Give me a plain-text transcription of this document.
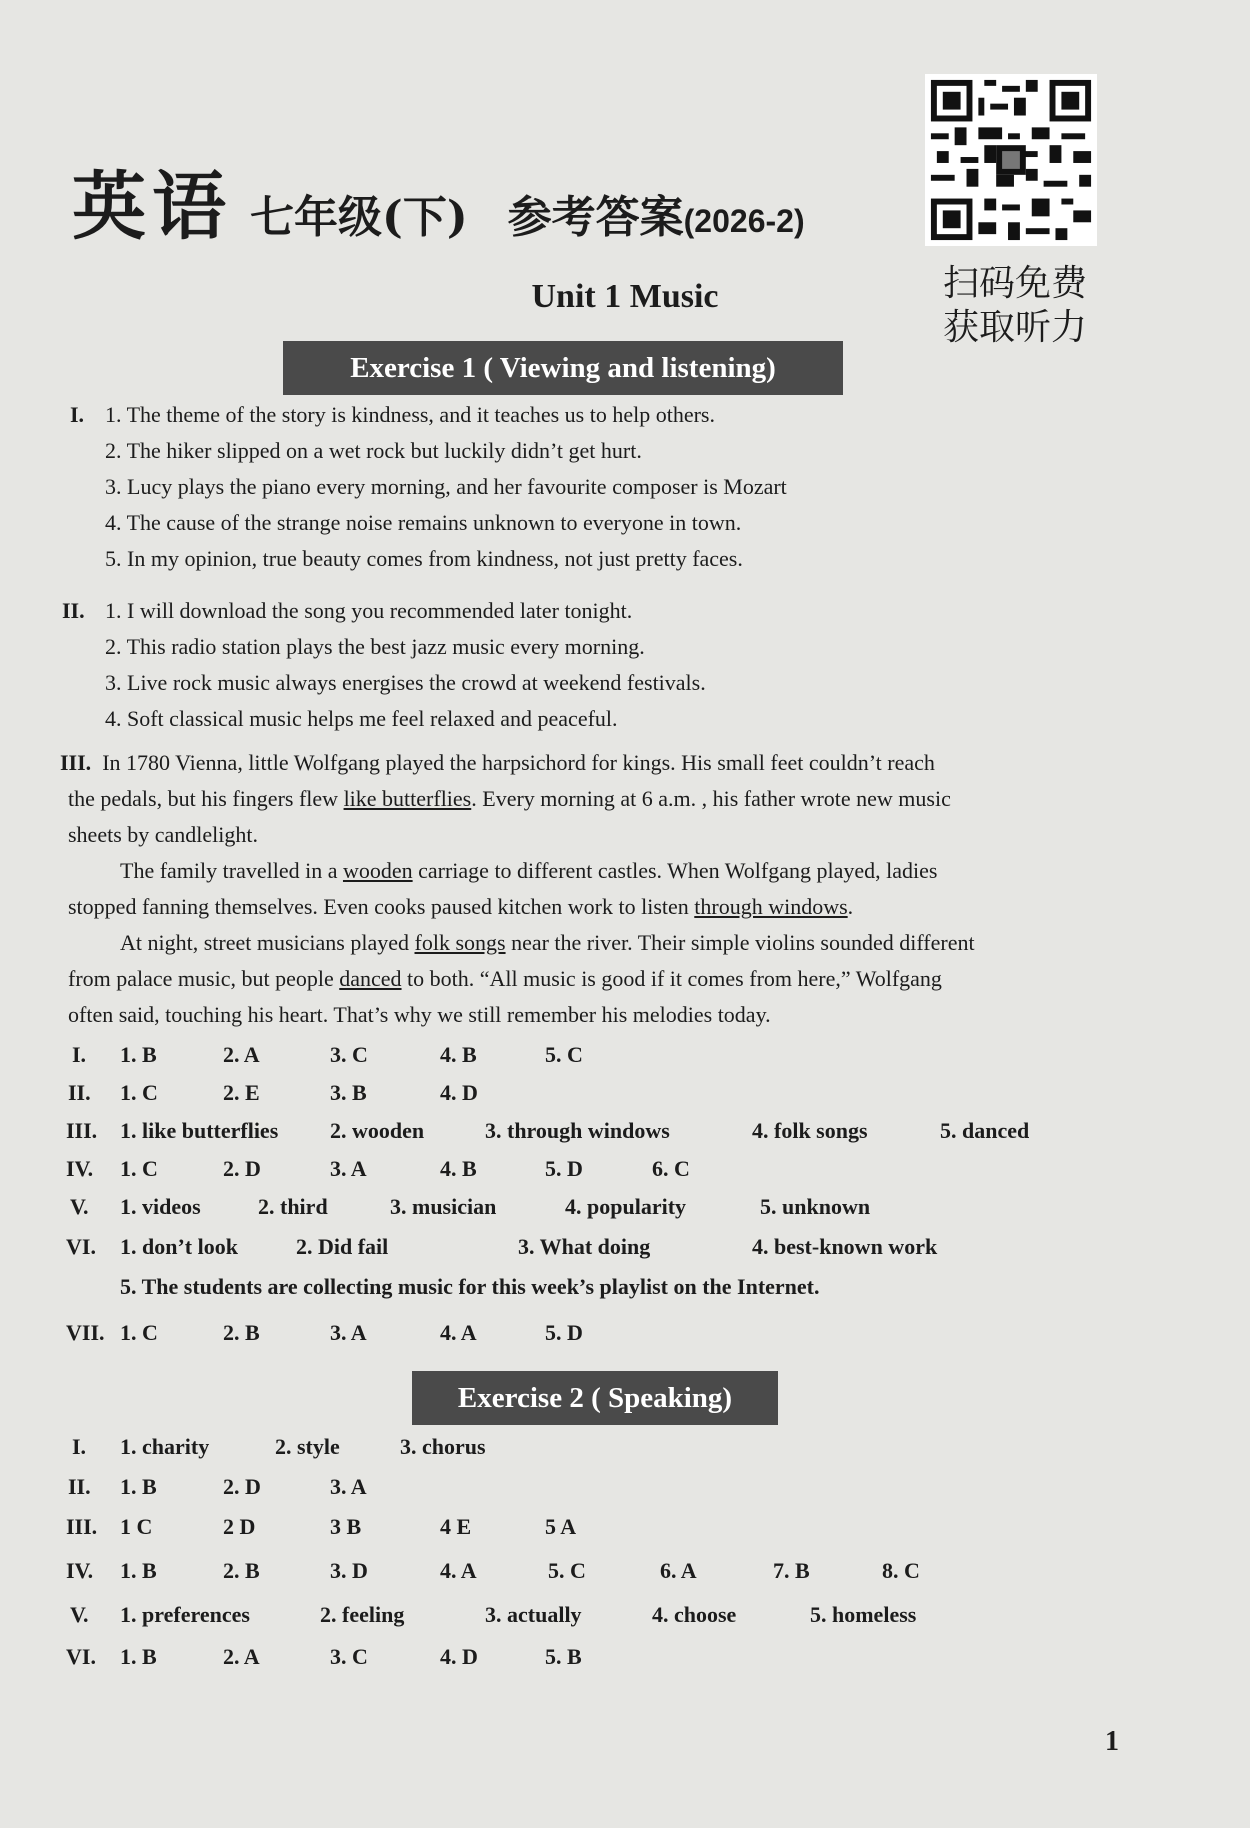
英语 七年级(下) 参考答案(2026-2)
扫码免费
获取听力
Unit 1 Music
Exercise 1 ( Viewing and listening)
I. 1. The theme of the story is kindness, and it teaches us to help others.
2. The hiker slipped on a wet rock but luckily didn’t get hurt.
3. Lucy plays the piano every morning, and her favourite composer is Mozart
4. The cause of the strange noise remains unknown to everyone in town.
5. In my opinion, true beauty comes from kindness, not just pretty faces.
II. 1. I will download the song you recommended later tonight.
2. This radio station plays the best jazz music every morning.
3. Live rock music always energises the crowd at weekend festivals.
4. Soft classical music helps me feel relaxed and peaceful.
III. In 1780 Vienna, little Wolfgang played the harpsichord for kings. His small feet couldn’t reach
the pedals, but his fingers flew like butterflies. Every morning at 6 a.m. , his father wrote new music
sheets by candlelight.
The family travelled in a wooden carriage to different castles. When Wolfgang played, ladies
stopped fanning themselves. Even cooks paused kitchen work to listen through windows.
At night, street musicians played folk songs near the river. Their simple violins sounded different
from palace music, but people danced to both. “All music is good if it comes from here,” Wolfgang
often said, touching his heart. That’s why we still remember his melodies today.
I. 1. B	2. A	3. C	4. B	5. C
II. 1. C	2. E	3. B	4. D
III. 1. like butterflies 2. wooden	3. through windows	4. folk songs	5. danced
IV. 1. C	2. D	3. A	4. B	5. D	6. C
V. 1. videos	2. third	3. musician	4. popularity	5. unknown
VI. 1. don’t look	2. Did fail	3. What doing	4. best-known work
5. The students are collecting music for this week’s playlist on the Internet.
VII. 1. C	2. B	3. A	4. A	5. D
Exercise 2 ( Speaking)
I. 1. charity	2. style	3. chorus
II. 1. B	2. D	3. A
III. 1 C	2 D	3 B	4 E	5 A
IV. 1. B	2. B	3. D	4. A	5. C	6. A	7. B	8. C
V. 1. preferences	2. feeling	3. actually	4. choose	5. homeless
VI. 1. B	2. A	3. C	4. D	5. B
1
